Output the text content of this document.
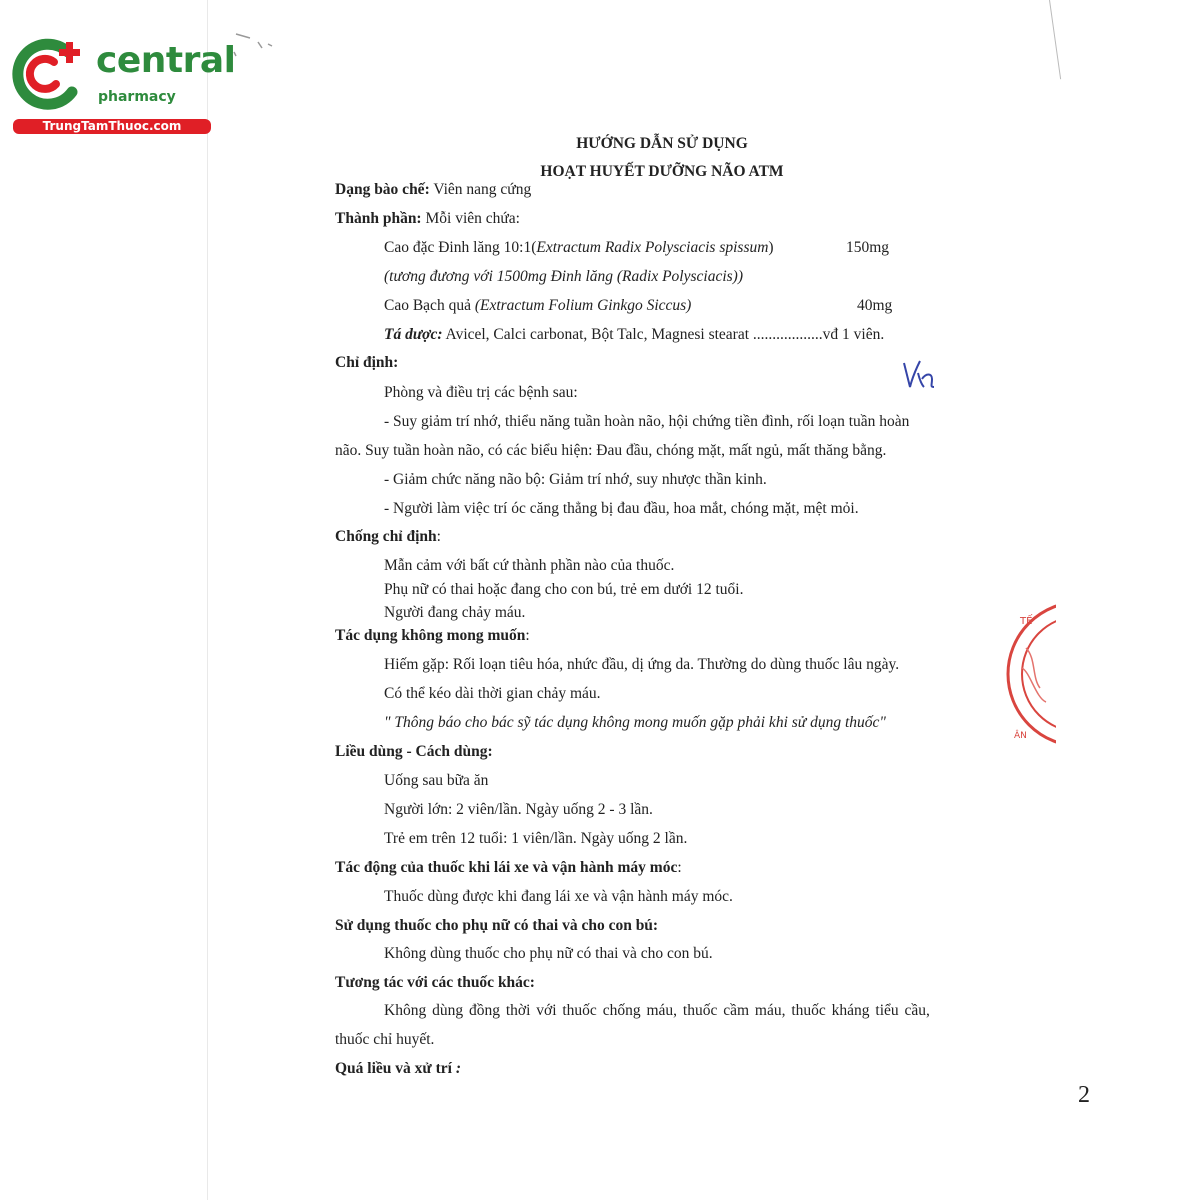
central
pharmacy
TrungTamThuoc.com
HƯỚNG DẪN SỬ DỤNG
HOẠT HUYẾT DƯỠNG NÃO ATM
Dạng bào chế: Viên nang cứng
Thành phần: Mỗi viên chứa:
Cao đặc Đinh lăng 10:1(Extractum Radix Polysciacis spissum)	150mg
(tương đương với 1500mg Đinh lăng (Radix Polysciacis))
Cao Bạch quả (Extractum Folium Ginkgo Siccus)	40mg
Tá dược: Avicel, Calci carbonat, Bột Talc, Magnesi stearat ..................vđ 1 viên.
Chỉ định:
Phòng và điều trị các bệnh sau:
- Suy giảm trí nhớ, thiểu năng tuần hoàn não, hội chứng tiền đình, rối loạn tuần hoàn
não. Suy tuần hoàn não, có các biểu hiện: Đau đầu, chóng mặt, mất ngủ, mất thăng bằng.
- Giảm chức năng não bộ: Giảm trí nhớ, suy nhược thần kinh.
- Người làm việc trí óc căng thẳng bị đau đầu, hoa mắt, chóng mặt, mệt mỏi.
Chống chỉ định:
Mẫn cảm với bất cứ thành phần nào của thuốc.
Phụ nữ có thai hoặc đang cho con bú, trẻ em dưới 12 tuổi.
Người đang chảy máu.
TẾ
ÂN
Tác dụng không mong muốn:
Hiếm gặp: Rối loạn tiêu hóa, nhức đầu, dị ứng da. Thường do dùng thuốc lâu ngày.
Có thể kéo dài thời gian chảy máu.
" Thông báo cho bác sỹ tác dụng không mong muốn gặp phải khi sử dụng thuốc"
Liều dùng - Cách dùng:
Uống sau bữa ăn
Người lớn: 2 viên/lần. Ngày uống 2 - 3 lần.
Trẻ em trên 12 tuổi: 1 viên/lần. Ngày uống 2 lần.
Tác động của thuốc khi lái xe và vận hành máy móc:
Thuốc dùng được khi đang lái xe và vận hành máy móc.
Sử dụng thuốc cho phụ nữ có thai và cho con bú:
Không dùng thuốc cho phụ nữ có thai và cho con bú.
Tương tác với các thuốc khác:
Không dùng đồng thời với thuốc chống máu, thuốc cầm máu, thuốc kháng tiểu cầu,
thuốc chỉ huyết.
Quá liều và xử trí :
2
